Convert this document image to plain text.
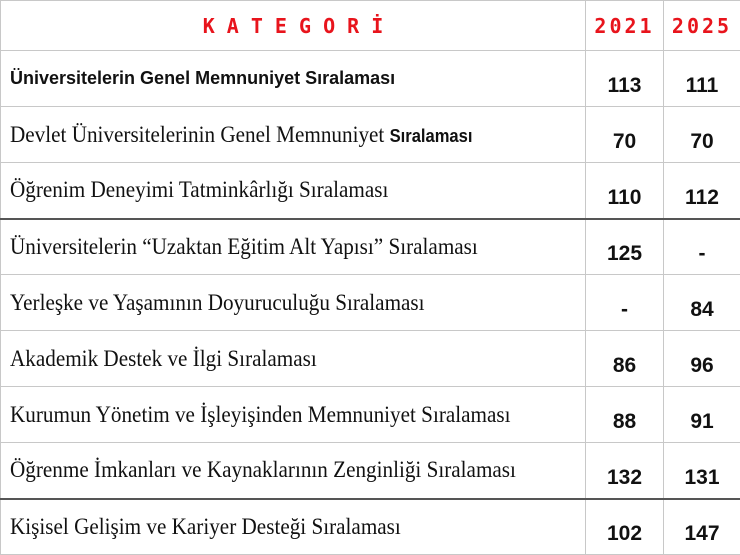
K A T E G O R İ	2021	2025
Üniversitelerin Genel Memnuniyet Sıralaması	113	111
Devlet Üniversitelerinin Genel Memnuniyet Sıralaması	70	70
Öğrenim Deneyimi Tatminkârlığı Sıralaması	110	112
Üniversitelerin “Uzaktan Eğitim Alt Yapısı” Sıralaması	125	-
Yerleşke ve Yaşamının Doyuruculuğu Sıralaması	-	84
Akademik Destek ve İlgi Sıralaması	86	96
Kurumun Yönetim ve İşleyişinden Memnuniyet Sıralaması	88	91
Öğrenme İmkanları ve Kaynaklarının Zenginliği Sıralaması	132	131
Kişisel Gelişim ve Kariyer Desteği Sıralaması	102	147
